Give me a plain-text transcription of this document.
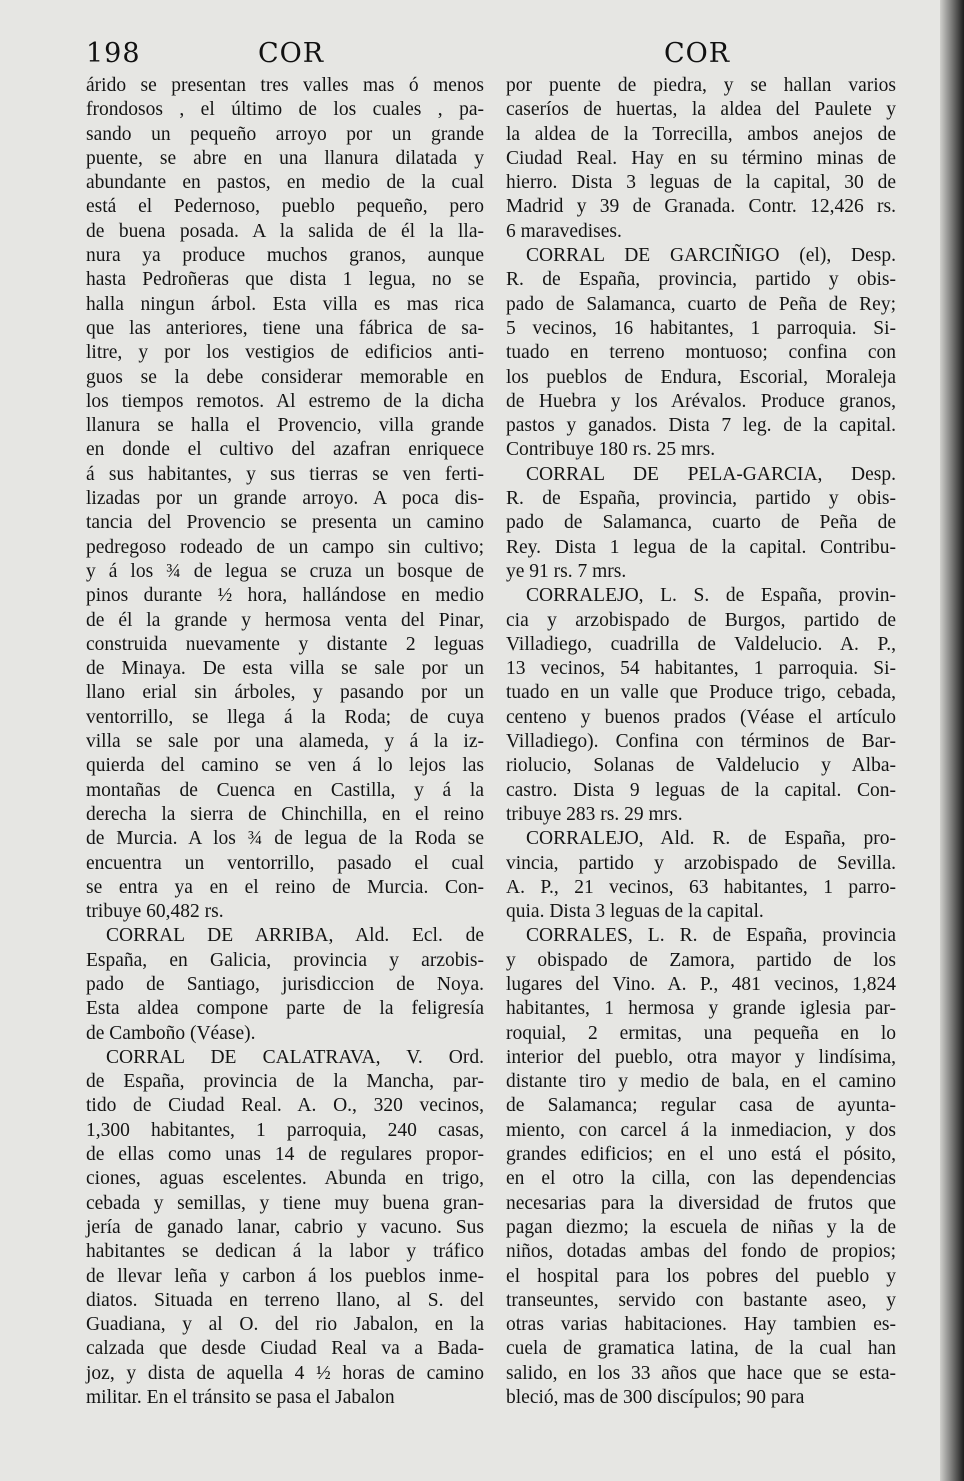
198	COR	COR
árido se presentan tres valles mas ó menos
frondosos , el último de los cuales , pa-
sando un pequeño arroyo por un grande
puente, se abre en una llanura dilatada y
abundante en pastos, en medio de la cual
está el Pedernoso, pueblo pequeño, pero
de buena posada. A la salida de él la lla-
nura ya produce muchos granos, aunque
hasta Pedroñeras que dista 1 legua, no se
halla ningun árbol. Esta villa es mas rica
que las anteriores, tiene una fábrica de sa-
litre, y por los vestigios de edificios anti-
guos se la debe considerar memorable en
los tiempos remotos. Al estremo de la dicha
llanura se halla el Provencio, villa grande
en donde el cultivo del azafran enriquece
á sus habitantes, y sus tierras se ven ferti-
lizadas por un grande arroyo. A poca dis-
tancia del Provencio se presenta un camino
pedregoso rodeado de un campo sin cultivo;
y á los ¾ de legua se cruza un bosque de
pinos durante ½ hora, hallándose en medio
de él la grande y hermosa venta del Pinar,
construida nuevamente y distante 2 leguas
de Minaya. De esta villa se sale por un
llano erial sin árboles, y pasando por un
ventorrillo, se llega á la Roda; de cuya
villa se sale por una alameda, y á la iz-
quierda del camino se ven á lo lejos las
montañas de Cuenca en Castilla, y á la
derecha la sierra de Chinchilla, en el reino
de Murcia. A los ¾ de legua de la Roda se
encuentra un ventorrillo, pasado el cual
se entra ya en el reino de Murcia. Con-
tribuye 60,482 rs.
CORRAL DE ARRIBA, Ald. Ecl. de
España, en Galicia, provincia y arzobis-
pado de Santiago, jurisdiccion de Noya.
Esta aldea compone parte de la feligresía
de Camboño (Véase).
CORRAL DE CALATRAVA, V. Ord.
de España, provincia de la Mancha, par-
tido de Ciudad Real. A. O., 320 vecinos,
1,300 habitantes, 1 parroquia, 240 casas,
de ellas como unas 14 de regulares propor-
ciones, aguas escelentes. Abunda en trigo,
cebada y semillas, y tiene muy buena gran-
jería de ganado lanar, cabrio y vacuno. Sus
habitantes se dedican á la labor y tráfico
de llevar leña y carbon á los pueblos inme-
diatos. Situada en terreno llano, al S. del
Guadiana, y al O. del rio Jabalon, en la
calzada que desde Ciudad Real va a Bada-
joz, y dista de aquella 4 ½ horas de camino
militar. En el tránsito se pasa el Jabalon
por puente de piedra, y se hallan varios
caseríos de huertas, la aldea del Paulete y
la aldea de la Torrecilla, ambos anejos de
Ciudad Real. Hay en su término minas de
hierro. Dista 3 leguas de la capital, 30 de
Madrid y 39 de Granada. Contr. 12,426 rs.
6 maravedises.
CORRAL DE GARCIÑIGO (el), Desp.
R. de España, provincia, partido y obis-
pado de Salamanca, cuarto de Peña de Rey;
5 vecinos, 16 habitantes, 1 parroquia. Si-
tuado en terreno montuoso; confina con
los pueblos de Endura, Escorial, Moraleja
de Huebra y los Arévalos. Produce granos,
pastos y ganados. Dista 7 leg. de la capital.
Contribuye 180 rs. 25 mrs.
CORRAL DE PELA-GARCIA, Desp.
R. de España, provincia, partido y obis-
pado de Salamanca, cuarto de Peña de
Rey. Dista 1 legua de la capital. Contribu-
ye 91 rs. 7 mrs.
CORRALEJO, L. S. de España, provin-
cia y arzobispado de Burgos, partido de
Villadiego, cuadrilla de Valdelucio. A. P.,
13 vecinos, 54 habitantes, 1 parroquia. Si-
tuado en un valle que Produce trigo, cebada,
centeno y buenos prados (Véase el artículo
Villadiego). Confina con términos de Bar-
riolucio, Solanas de Valdelucio y Alba-
castro. Dista 9 leguas de la capital. Con-
tribuye 283 rs. 29 mrs.
CORRALEJO, Ald. R. de España, pro-
vincia, partido y arzobispado de Sevilla.
A. P., 21 vecinos, 63 habitantes, 1 parro-
quia. Dista 3 leguas de la capital.
CORRALES, L. R. de España, provincia
y obispado de Zamora, partido de los
lugares del Vino. A. P., 481 vecinos, 1,824
habitantes, 1 hermosa y grande iglesia par-
roquial, 2 ermitas, una pequeña en lo
interior del pueblo, otra mayor y lindísima,
distante tiro y medio de bala, en el camino
de Salamanca; regular casa de ayunta-
miento, con carcel á la inmediacion, y dos
grandes edificios; en el uno está el pósito,
en el otro la cilla, con las dependencias
necesarias para la diversidad de frutos que
pagan diezmo; la escuela de niñas y la de
niños, dotadas ambas del fondo de propios;
el hospital para los pobres del pueblo y
transeuntes, servido con bastante aseo, y
otras varias habitaciones. Hay tambien es-
cuela de gramatica latina, de la cual han
salido, en los 33 años que hace que se esta-
bleció, mas de 300 discípulos; 90 para
